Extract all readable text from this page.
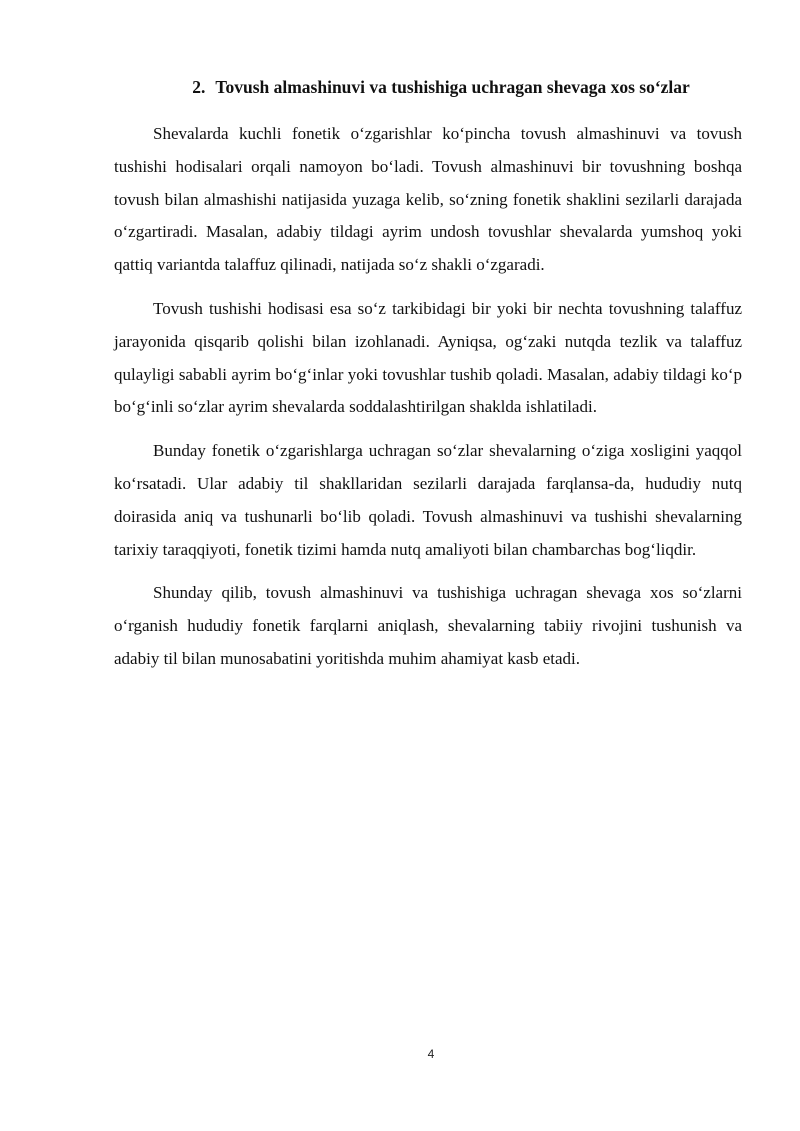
2. Tovush almashinuvi va tushishiga uchragan shevaga xos so‘zlar

Shevalarda kuchli fonetik o‘zgarishlar ko‘pincha tovush almashinuvi va tovush tushishi hodisalari orqali namoyon bo‘ladi. Tovush almashinuvi bir tovushning boshqa tovush bilan almashishi natijasida yuzaga kelib, so‘zning fonetik shaklini sezilarli darajada o‘zgartiradi. Masalan, adabiy tildagi ayrim undosh tovushlar shevalarda yumshoq yoki qattiq variantda talaffuz qilinadi, natijada so‘z shakli o‘zgaradi.

Tovush tushishi hodisasi esa so‘z tarkibidagi bir yoki bir nechta tovushning talaffuz jarayonida qisqarib qolishi bilan izohlanadi. Ayniqsa, og‘zaki nutqda tezlik va talaffuz qulayligi sababli ayrim bo‘g‘inlar yoki tovushlar tushib qoladi. Masalan, adabiy tildagi ko‘p bo‘g‘inli so‘zlar ayrim shevalarda soddalashtirilgan shaklda ishlatiladi.

Bunday fonetik o‘zgarishlarga uchragan so‘zlar shevalarning o‘ziga xosligini yaqqol ko‘rsatadi. Ular adabiy til shakllaridan sezilarli darajada farqlansa-da, hududiy nutq doirasida aniq va tushunarli bo‘lib qoladi. Tovush almashinuvi va tushishi shevalarning tarixiy taraqqiyoti, fonetik tizimi hamda nutq amaliyoti bilan chambarchas bog‘liqdir.

Shunday qilib, tovush almashinuvi va tushishiga uchragan shevaga xos so‘zlarni o‘rganish hududiy fonetik farqlarni aniqlash, shevalarning tabiiy rivojini tushunish va adabiy til bilan munosabatini yoritishda muhim ahamiyat kasb etadi.

4
